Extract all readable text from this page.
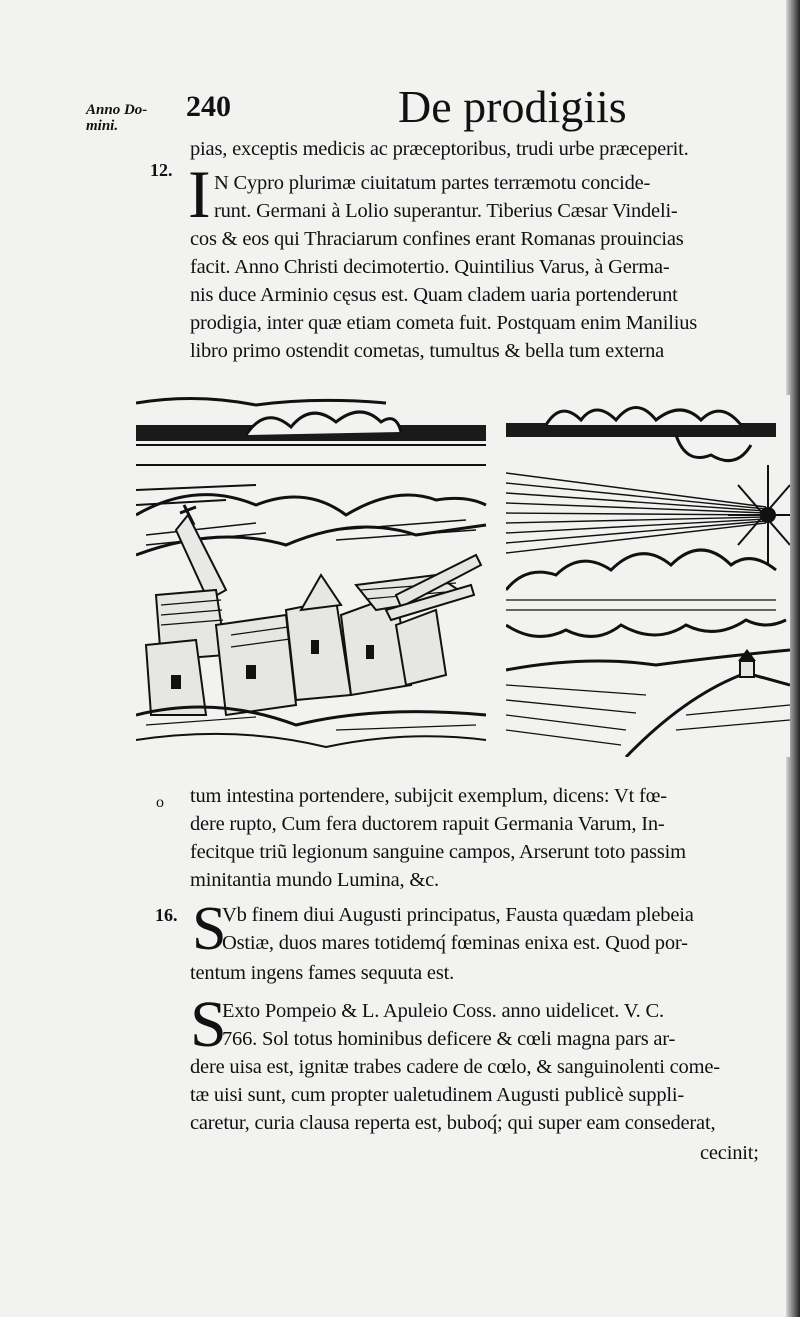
Anno Do-
mini.
240	De prodigiis
pias, exceptis medicis ac præceptoribus, trudi urbe præceperit.
12. I N Cypro plurimæ ciuitatum partes terræmotu concide-
runt. Germani à Lolio superantur. Tiberius Cæsar Vindeli-
cos & eos qui Thraciarum confines erant Romanas prouincias
facit. Anno Christi decimotertio. Quintilius Varus, à Germa-
nis duce Arminio cęsus est. Quam cladem uaria portenderunt
prodigia, inter quæ etiam cometa fuit. Postquam enim Manilius
libro primo ostendit cometas, tumultus & bella tum externa
o tum intestina portendere, subijcit exemplum, dicens: Vt fœ-
dere rupto, Cum fera ductorem rapuit Germania Varum, In-
fecitque triũ legionum sanguine campos, Arserunt toto passim
minitantia mundo Lumina, &c.
16. S
Vb finem diui Augusti principatus, Fausta quædam plebeia
Ostiæ, duos mares totidemq́ fœminas enixa est. Quod por-
tentum ingens fames sequuta est.
S
Exto Pompeio & L. Apuleio Coss. anno uidelicet. V. C.
766. Sol totus hominibus deficere & cœli magna pars ar-
dere uisa est, ignitæ trabes cadere de cœlo, & sanguinolenti come-
tæ uisi sunt, cum propter ualetudinem Augusti publicè suppli-
caretur, curia clausa reperta est, buboq́; qui super eam consederat,
cecinit;
